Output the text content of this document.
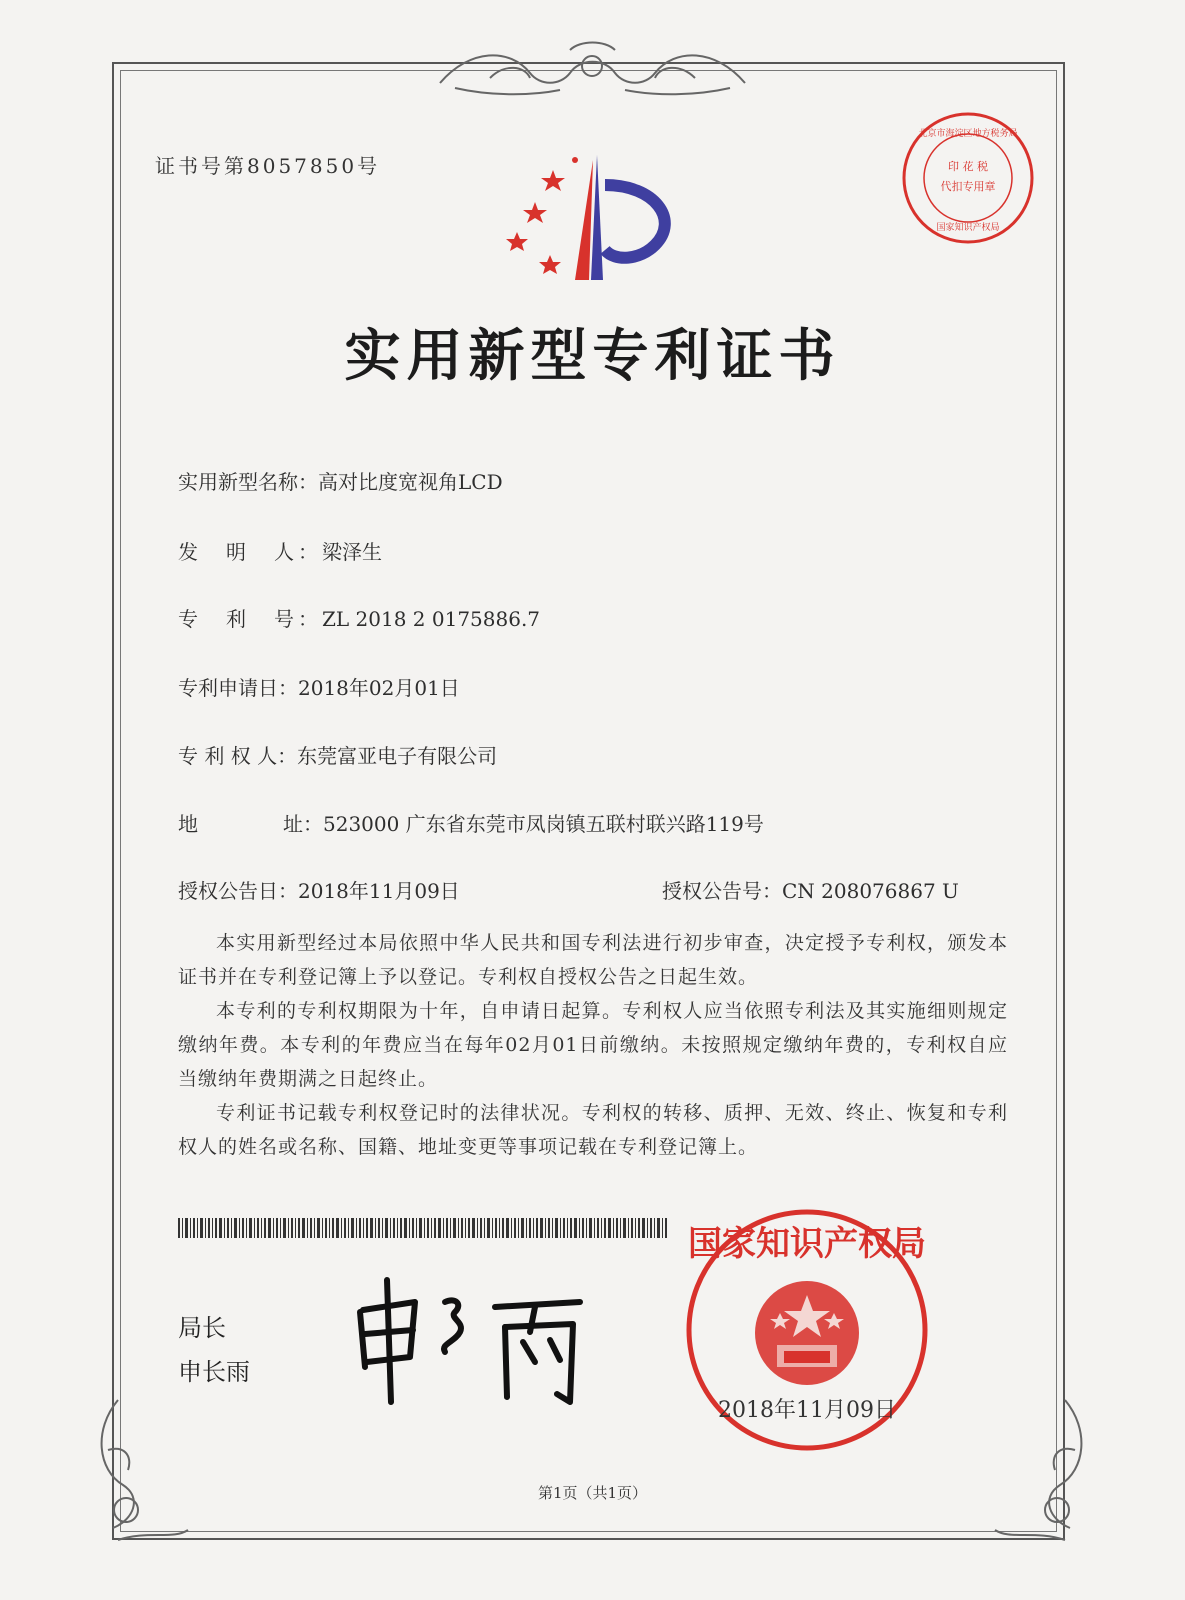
证书号第8057850号	印 花 税
代扣专用章
北京市海淀区地方税务局
国家知识产权局
实用新型专利证书
实用新型名称：高对比度宽视角LCD
发　明　人：梁泽生
专　利　号：ZL 2018 2 0175886.7
专利申请日：2018年02月01日
专 利 权 人：东莞富亚电子有限公司
地	址：523000 广东省东莞市凤岗镇五联村联兴路119号
授权公告日：2018年11月09日	授权公告号：CN 208076867 U

本实用新型经过本局依照中华人民共和国专利法进行初步审查，决定授予专利权，颁发本证书并在专利登记簿上予以登记。专利权自授权公告之日起生效。

本专利的专利权期限为十年，自申请日起算。专利权人应当依照专利法及其实施细则规定缴纳年费。本专利的年费应当在每年02月01日前缴纳。未按照规定缴纳年费的，专利权自应当缴纳年费期满之日起终止。

专利证书记载专利权登记时的法律状况。专利权的转移、质押、无效、终止、恢复和专利权人的姓名或名称、国籍、地址变更等事项记载在专利登记簿上。

局长
申长雨
国家知识产权局
2018年11月09日
第1页（共1页）
